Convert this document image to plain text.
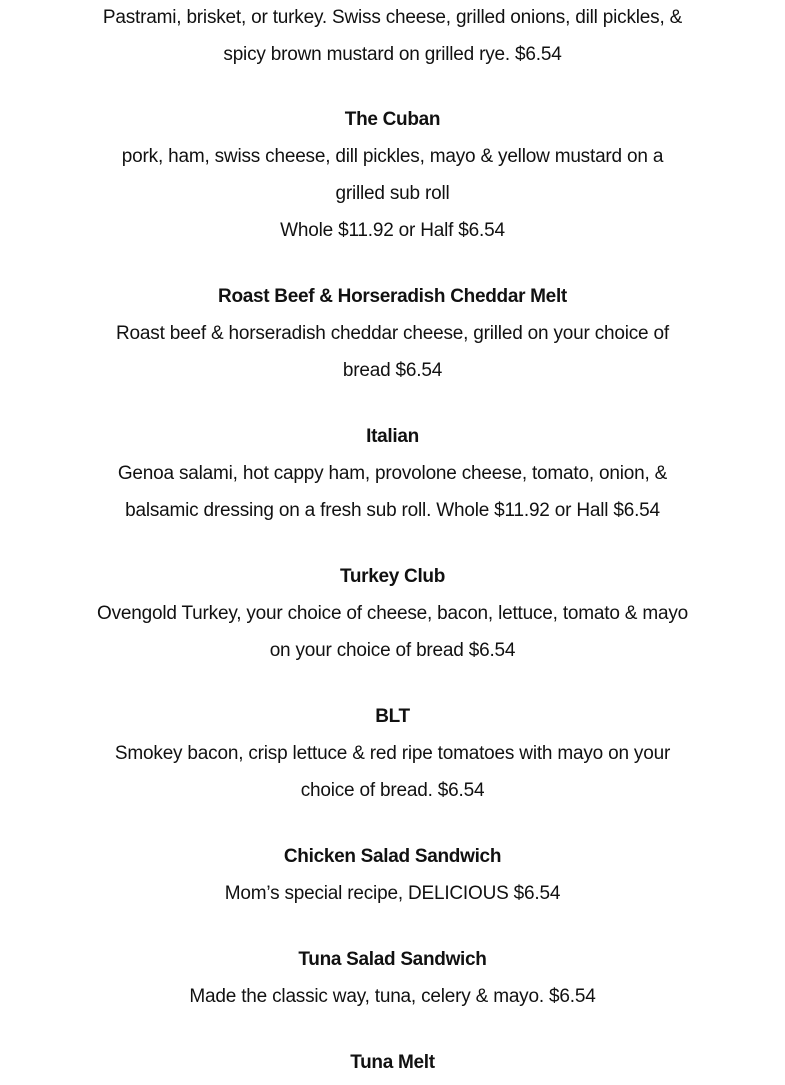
Pastrami, brisket, or turkey. Swiss cheese, grilled onions, dill pickles, &
spicy brown mustard on grilled rye. $6.54
The Cuban
pork, ham, swiss cheese, dill pickles, mayo & yellow mustard on a
grilled sub roll
Whole $11.92 or Half $6.54
Roast Beef & Horseradish Cheddar Melt
Roast beef & horseradish cheddar cheese, grilled on your choice of
bread $6.54
Italian
Genoa salami, hot cappy ham, provolone cheese, tomato, onion, &
balsamic dressing on a fresh sub roll. Whole $11.92 or Hall $6.54
Turkey Club
Ovengold Turkey, your choice of cheese, bacon, lettuce, tomato & mayo
on your choice of bread $6.54
BLT
Smokey bacon, crisp lettuce & red ripe tomatoes with mayo on your
choice of bread. $6.54
Chicken Salad Sandwich
Mom’s special recipe, DELICIOUS $6.54
Tuna Salad Sandwich
Made the classic way, tuna, celery & mayo. $6.54
Tuna Melt
